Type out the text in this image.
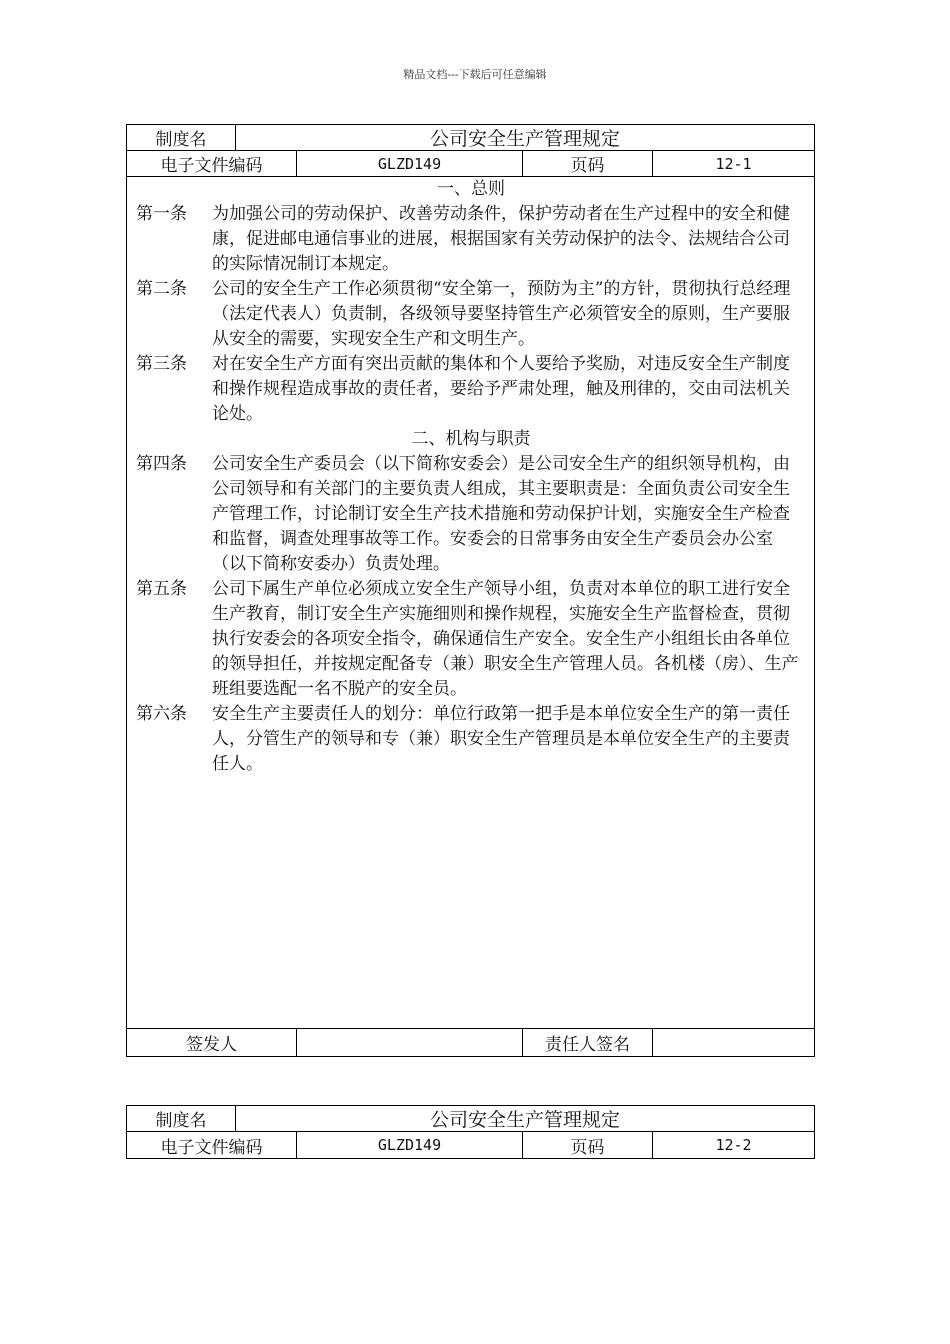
精品文档---下载后可任意编辑
制度名	公司安全生产管理规定
电子文件编码	GLZD149	页码	12-1
一、总则
第一条	为加强公司的劳动保护、改善劳动条件，保护劳动者在生产过程中的安全和健康，促进邮电通信事业的进展，根据国家有关劳动保护的法令、法规结合公司的实际情况制订本规定。
第二条	公司的安全生产工作必须贯彻“安全第一，预防为主”的方针，贯彻执行总经理（法定代表人）负责制，各级领导要坚持管生产必须管安全的原则，生产要服从安全的需要，实现安全生产和文明生产。
第三条	对在安全生产方面有突出贡献的集体和个人要给予奖励，对违反安全生产制度和操作规程造成事故的责任者，要给予严肃处理，触及刑律的，交由司法机关论处。
二、机构与职责
第四条	公司安全生产委员会（以下简称安委会）是公司安全生产的组织领导机构，由公司领导和有关部门的主要负责人组成，其主要职责是：全面负责公司安全生产管理工作，讨论制订安全生产技术措施和劳动保护计划，实施安全生产检查和监督，调查处理事故等工作。安委会的日常事务由安全生产委员会办公室（以下简称安委办）负责处理。
第五条	公司下属生产单位必须成立安全生产领导小组，负责对本单位的职工进行安全生产教育，制订安全生产实施细则和操作规程，实施安全生产监督检查，贯彻执行安委会的各项安全指令，确保通信生产安全。安全生产小组组长由各单位的领导担任，并按规定配备专（兼）职安全生产管理人员。各机楼（房）、生产班组要选配一名不脱产的安全员。
第六条	安全生产主要责任人的划分：单位行政第一把手是本单位安全生产的第一责任人，分管生产的领导和专（兼）职安全生产管理员是本单位安全生产的主要责任人。
签发人	责任人签名
制度名	公司安全生产管理规定
电子文件编码	GLZD149	页码	12-2
